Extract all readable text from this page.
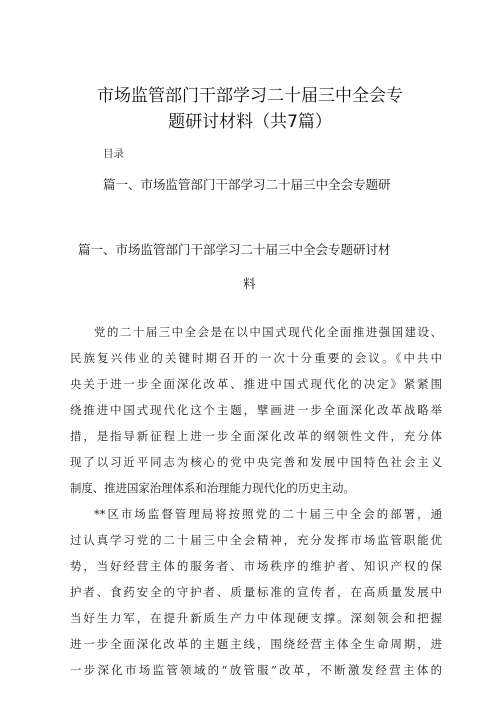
市场监管部门干部学习二十届三中全会专
题研讨材料（共7篇）
目录
篇一、市场监管部门干部学习二十届三中全会专题研
篇一、市场监管部门干部学习二十届三中全会专题研讨材
料
党的二十届三中全会是在以中国式现代化全面推进强国建设、
民族复兴伟业的关键时期召开的一次十分重要的会议。《中共中
央关于进一步全面深化改革、推进中国式现代化的决定》紧紧围
绕推进中国式现代化这个主题，擘画进一步全面深化改革战略举
措，是指导新征程上进一步全面深化改革的纲领性文件，充分体
现了以习近平同志为核心的党中央完善和发展中国特色社会主义
制度、推进国家治理体系和治理能力现代化的历史主动。
**区市场监督管理局将按照党的二十届三中全会的部署，通
过认真学习党的二十届三中全会精神，充分发挥市场监管职能优
势，当好经营主体的服务者、市场秩序的维护者、知识产权的保
护者、食药安全的守护者、质量标准的宣传者，在高质量发展中
当好生力军，在提升新质生产力中体现硬支撑。深刻领会和把握
进一步全面深化改革的主题主线，围绕经营主体全生命周期，进
一步深化市场监管领域的“放管服”改革，不断激发经营主体的
